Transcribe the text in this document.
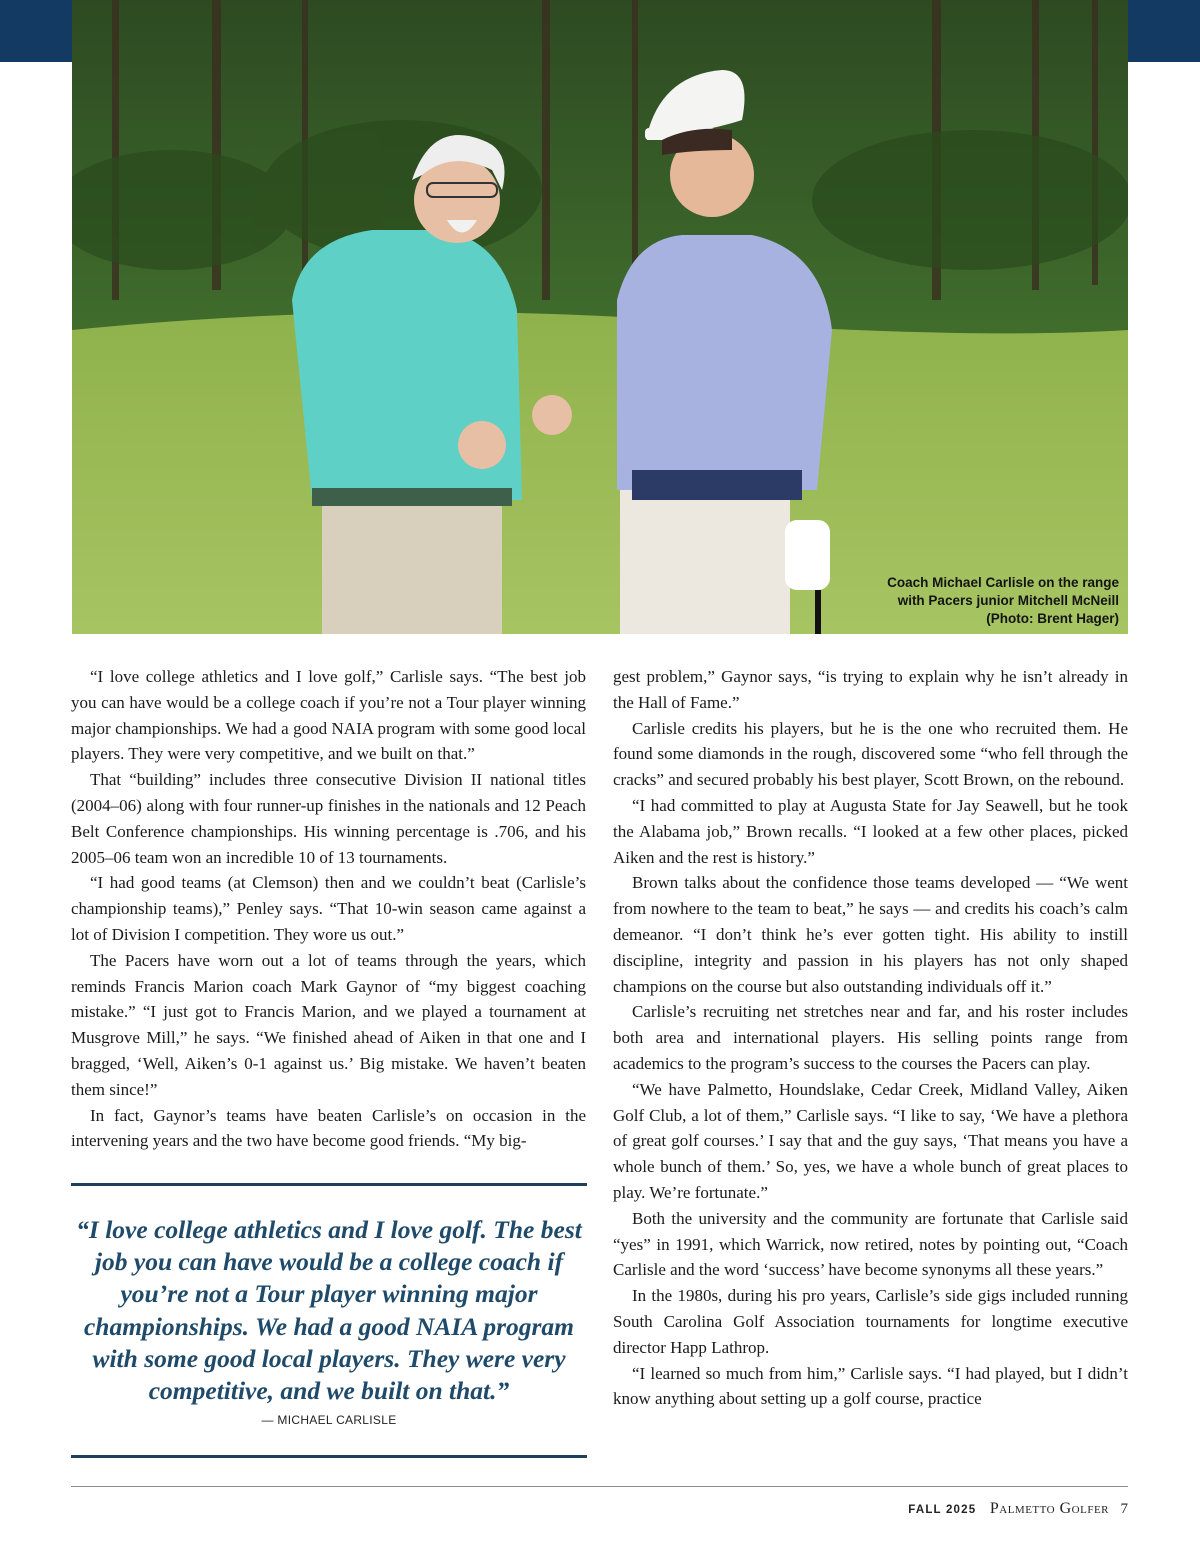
Coach Michael Carlisle on the range
with Pacers junior Mitchell McNeill
(Photo: Brent Hager)

“I love college athletics and I love golf,” Carlisle says. “The best job you can have would be a college coach if you’re not a Tour player winning major championships. We had a good NAIA program with some good local players. They were very competitive, and we built on that.”

That “building” includes three consecutive Division II national titles (2004–06) along with four runner-up finishes in the nationals and 12 Peach Belt Conference championships. His winning percentage is .706, and his 2005–06 team won an incredible 10 of 13 tournaments.

“I had good teams (at Clemson) then and we couldn’t beat (Carlisle’s championship teams),” Penley says. “That 10-win season came against a lot of Division I competition. They wore us out.”

The Pacers have worn out a lot of teams through the years, which reminds Francis Marion coach Mark Gaynor of “my biggest coaching mistake.” “I just got to Francis Marion, and we played a tournament at Musgrove Mill,” he says. “We finished ahead of Aiken in that one and I bragged, ‘Well, Aiken’s 0-1 against us.’ Big mistake. We haven’t beaten them since!”

In fact, Gaynor’s teams have beaten Carlisle’s on occasion in the intervening years and the two have become good friends. “My big-

“I love college athletics and I love golf. The best job you can have would be a college coach if you’re not a Tour player winning major championships. We had a good NAIA program with some good local players. They were very competitive, and we built on that.”
— MICHAEL CARLISLE

gest problem,” Gaynor says, “is trying to explain why he isn’t already in the Hall of Fame.”

Carlisle credits his players, but he is the one who recruited them. He found some diamonds in the rough, discovered some “who fell through the cracks” and secured probably his best player, Scott Brown, on the rebound.

“I had committed to play at Augusta State for Jay Seawell, but he took the Alabama job,” Brown recalls. “I looked at a few other places, picked Aiken and the rest is history.”

Brown talks about the confidence those teams developed — “We went from nowhere to the team to beat,” he says — and credits his coach’s calm demeanor. “I don’t think he’s ever gotten tight. His ability to instill discipline, integrity and passion in his players has not only shaped champions on the course but also outstanding individuals off it.”

Carlisle’s recruiting net stretches near and far, and his roster includes both area and international players. His selling points range from academics to the program’s success to the courses the Pacers can play.

“We have Palmetto, Houndslake, Cedar Creek, Midland Valley, Aiken Golf Club, a lot of them,” Carlisle says. “I like to say, ‘We have a plethora of great golf courses.’ I say that and the guy says, ‘That means you have a whole bunch of them.’ So, yes, we have a whole bunch of great places to play. We’re fortunate.”

Both the university and the community are fortunate that Carlisle said “yes” in 1991, which Warrick, now retired, notes by pointing out, “Coach Carlisle and the word ‘success’ have become synonyms all these years.”

In the 1980s, during his pro years, Carlisle’s side gigs included running South Carolina Golf Association tournaments for longtime executive director Happ Lathrop.

“I learned so much from him,” Carlisle says. “I had played, but I didn’t know anything about setting up a golf course, practice

FALL 2025 Palmetto Golfer 7
